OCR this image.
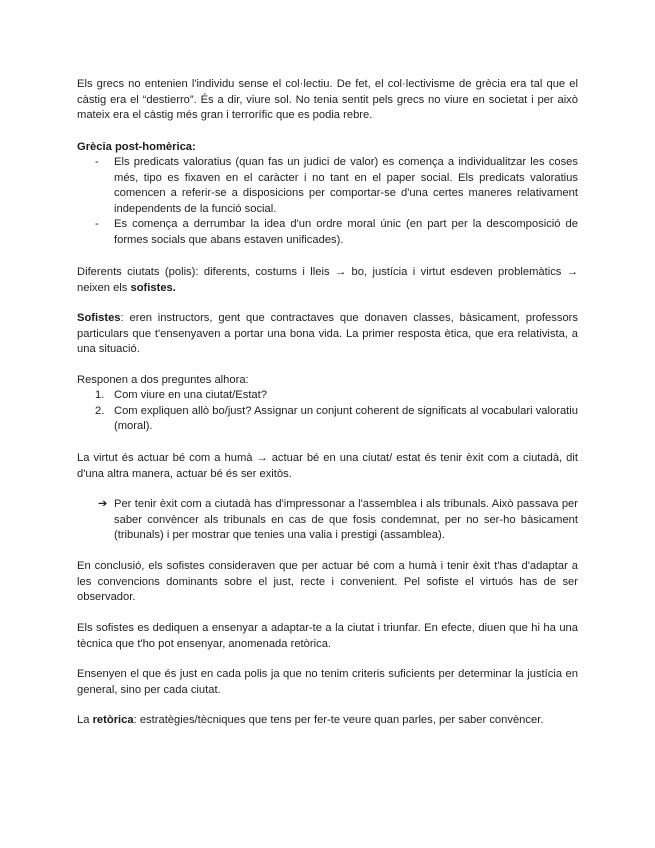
Els grecs no entenien l'individu sense el col·lectiu. De fet, el col·lectivisme de grècia era tal que el càstig era el “destierro”. És a dir, viure sol. No tenia sentit pels grecs no viure en societat i per això mateix era el càstig més gran i terrorífic que es podia rebre.

Grècia post-homèrica:

- Els predicats valoratius (quan fas un judici de valor) es comença a individualitzar les coses més, tipo es fixaven en el caràcter i no tant en el paper social. Els predicats valoratius comencen a referir-se a disposicions per comportar-se d'una certes maneres relativament independents de la funció social.
- Es comença a derrumbar la idea d'un ordre moral únic (en part per la descomposició de formes socials que abans estaven unificades).

Diferents ciutats (polis): diferents, costums i lleis → bo, justícia i virtut esdeven problemàtics → neixen els sofistes.

Sofistes: eren instructors, gent que contractaves que donaven classes, bàsicament, professors particulars que t'ensenyaven a portar una bona vida. La primer resposta ètica, que era relativista, a una situació.

Responen a dos preguntes alhora:

1. Com viure en una ciutat/Estat?
2. Com expliquen allò bo/just? Assignar un conjunt coherent de significats al vocabulari valoratiu (moral).

La virtut és actuar bé com a humà → actuar bé en una ciutat/ estat és tenir èxit com a ciutadà, dit d'una altra manera, actuar bé és ser exitòs.

➔ Per tenir èxit com a ciutadà has d'impressonar a l'assemblea i als tribunals. Això passava per saber convèncer als tribunals en cas de que fosis condemnat, per no ser-ho bàsicament (tribunals) i per mostrar que tenies una valia i prestigi (assamblea).

En conclusió, els sofistes consideraven que per actuar bé com a humà i tenir èxit t'has d'adaptar a les convencions dominants sobre el just, recte i convenient. Pel sofiste el virtuós has de ser observador.

Els sofistes es dediquen a ensenyar a adaptar-te a la ciutat i triunfar. En efecte, diuen que hi ha una tècnica que t'ho pot ensenyar, anomenada retòrica.

Ensenyen el que és just en cada polis ja que no tenim criteris suficients per determinar la justícia en general, sino per cada ciutat.

La retòrica: estratègies/tècniques que tens per fer-te veure quan parles, per saber convèncer.
